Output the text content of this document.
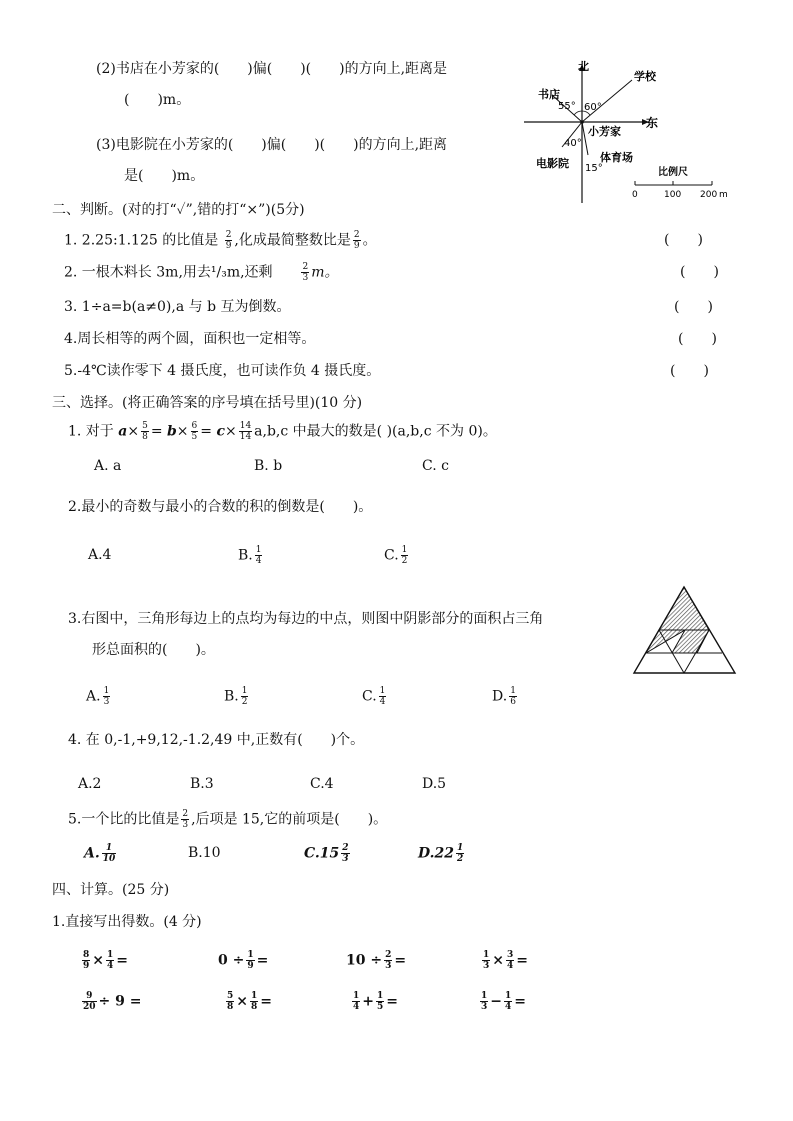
(2)书店在小芳家的(　　)偏(　　)(　　)的方向上,距离是
(　　)m。
(3)电影院在小芳家的(　　)偏(　　)(　　)的方向上,距离
是(　　)m。
北
东
书店
学校
55° 60°
小芳家
40°
电影院	体育场
15°	比例尺
0	100 200 m
二、判断。(对的打“✓”,错的打“×”)(5分)
1. 2.25:1.125 的比值是 $\frac{2}{9}$ ,化成最简整数比是 $\frac{2}{9}$ 。	(　　)
2. 一根木料长 3m,用去¹/₃m,还剩	$\frac{2}{3}$ m。	(　　)
3. 1÷a=b(a≠0),a 与 b 互为倒数。	(　　)
4.周长相等的两个圆，面积也一定相等。	(　　)
5.-4℃读作零下 4 摄氏度，也可读作负 4 摄氏度。	(　　)
三、选择。(将正确答案的序号填在括号里)(10 分)
1. 对于 $a\times \frac{5}{8} = b\times \frac{6}{5} = c\times \frac{14}{14} a,b,c$ 中最大的数是( )(a,b,c 不为 0)。
A. a	B. b	C. c
2.最小的奇数与最小的合数的积的倒数是(　　)。
A.4	B. $\frac{1}{4}$	C. $\frac{1}{2}$
3.右图中，三角形每边上的点均为每边的中点，则图中阴影部分的面积占三角
形总面积的(　　)。
A. $\frac{1}{3}$	B. $\frac{1}{2}$	C. $\frac{1}{4}$	D. $\frac{1}{6}$
4. 在 0,-1,+9,12,-1.2,49 中,正数有(　　)个。
A.2	B.3	C.4	D.5
5.一个比的比值是 $\frac{2}{3}$ ,后项是 15,它的前项是(　　)。
A. $\frac{1}{10}$	B.10	$C.15 \frac{2}{3}$	$D.22 \frac{1}{2}$
四、计算。(25 分)
1.直接写出得数。(4 分)
$\frac{8}{9} \times \frac{1}{4}$ =	$0 \div \frac{1}{9}$ =	$10 \div \frac{2}{3}$ =	$\frac{1}{3} \times \frac{3}{4}$ =
$\frac{9}{20} \div 9$ =	$\frac{5}{8} \times \frac{1}{8}$ =	$\frac{1}{4} + \frac{1}{5}$ =	$\frac{1}{3} - \frac{1}{4}$ =
